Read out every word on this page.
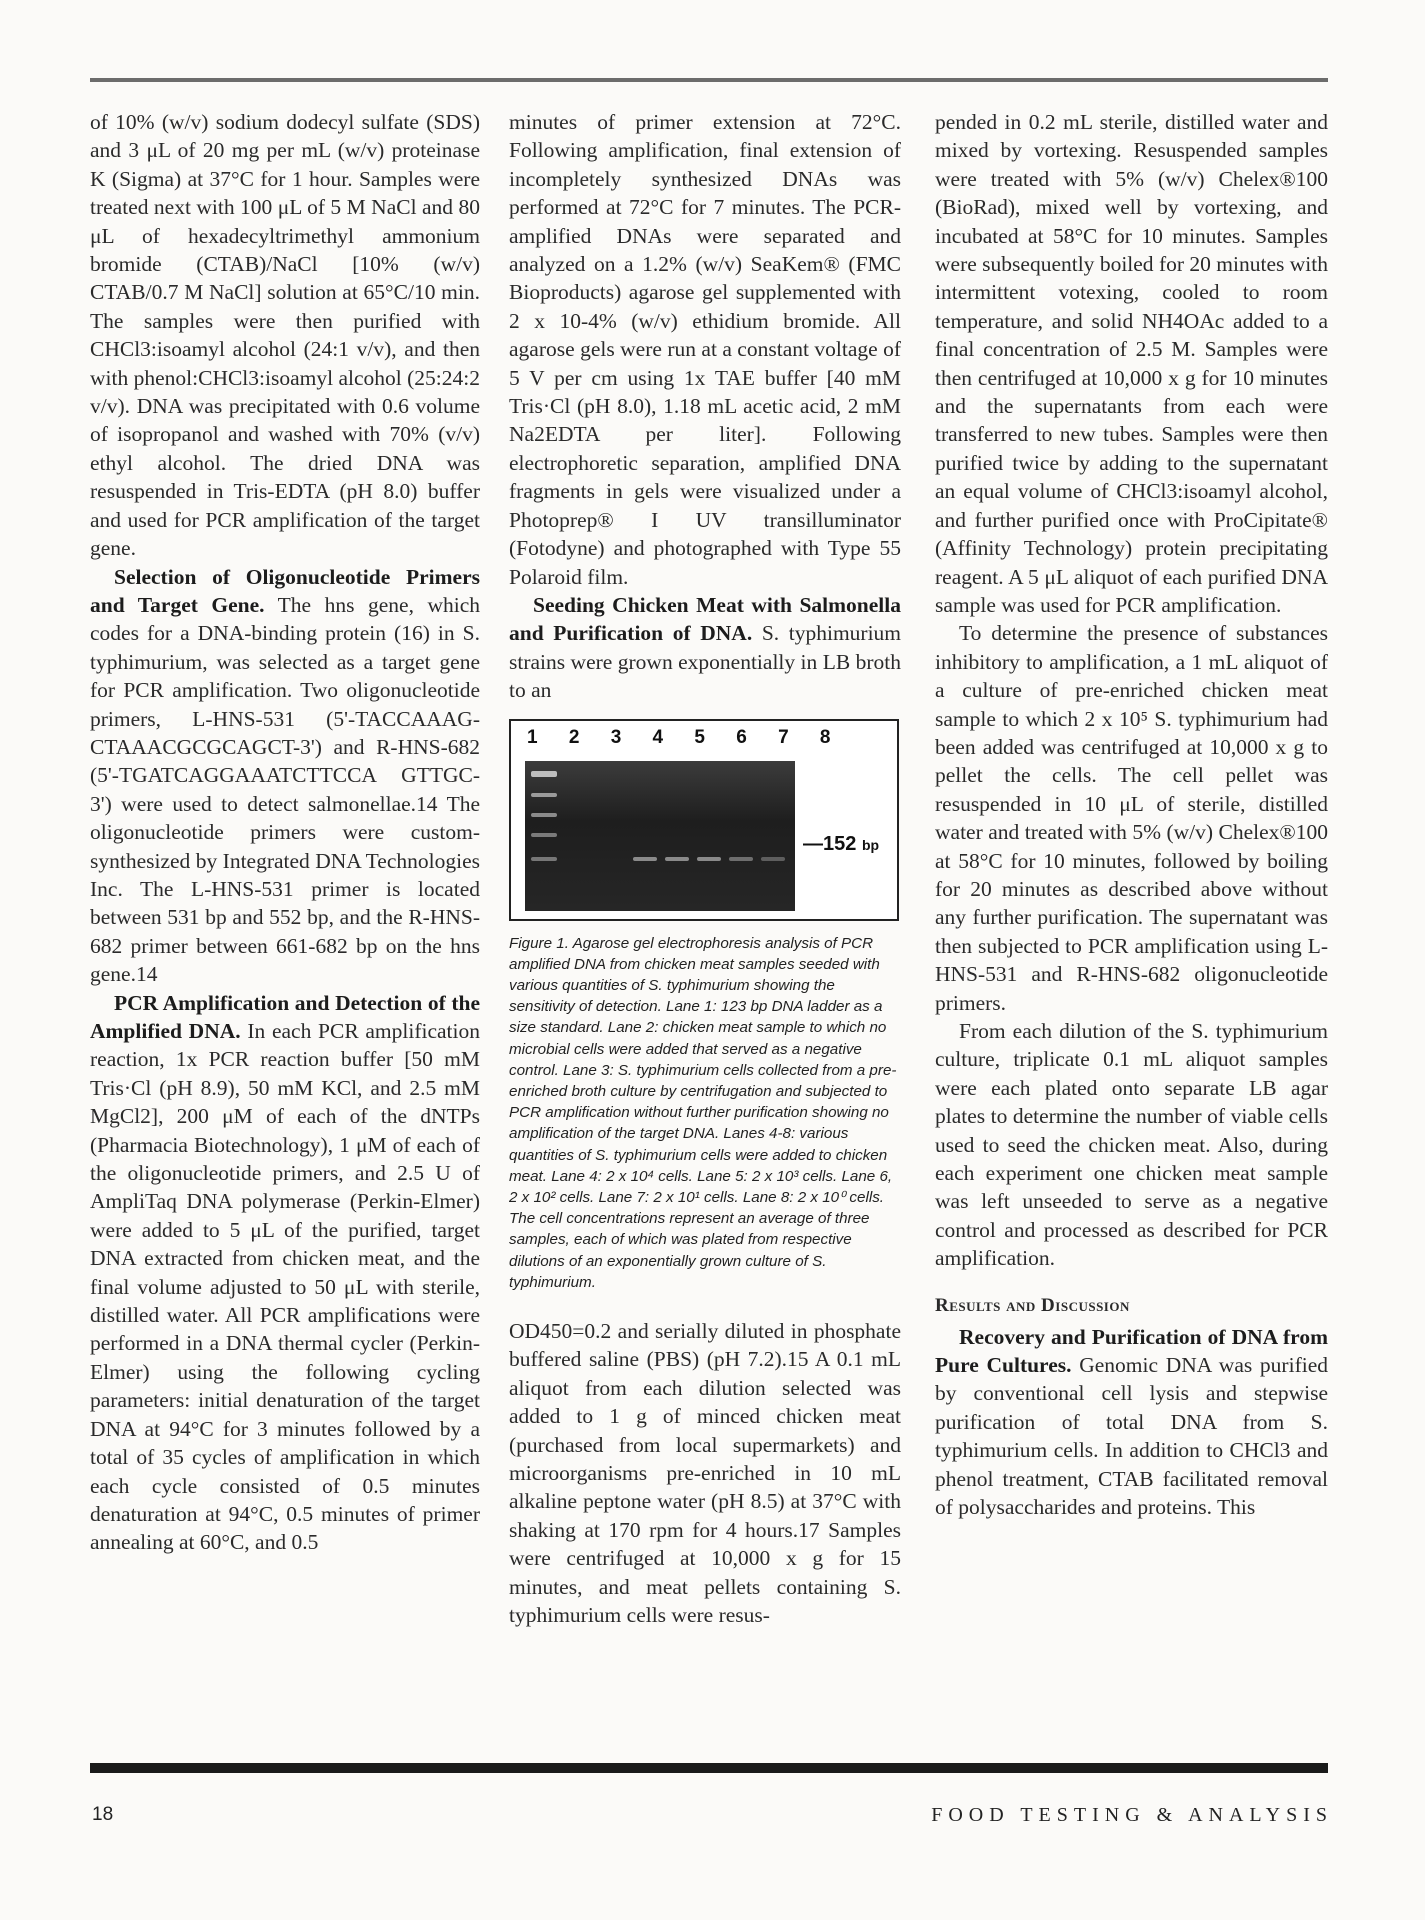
of 10% (w/v) sodium dodecyl sulfate (SDS) and 3 μL of 20 mg per mL (w/v) proteinase K (Sigma) at 37°C for 1 hour. Samples were treated next with 100 μL of 5 M NaCl and 80 μL of hexadecyltrimethyl ammonium bromide (CTAB)/NaCl [10% (w/v) CTAB/0.7 M NaCl] solution at 65°C/10 min. The samples were then purified with CHCl3:isoamyl alcohol (24:1 v/v), and then with phenol:CHCl3:isoamyl alcohol (25:24:2 v/v). DNA was precipitated with 0.6 volume of isopropanol and washed with 70% (v/v) ethyl alcohol. The dried DNA was resuspended in Tris-EDTA (pH 8.0) buffer and used for PCR amplification of the target gene.

Selection of Oligonucleotide Primers and Target Gene. The hns gene, which codes for a DNA-binding protein (16) in S. typhimurium, was selected as a target gene for PCR amplification. Two oligonucleotide primers, L-HNS-531 (5'-TACCAAAG-CTAAACGCGCAGCT-3') and R-HNS-682 (5'-TGATCAGGAAATCTTCCA GTTGC-3') were used to detect salmonellae.14 The oligonucleotide primers were custom-synthesized by Integrated DNA Technologies Inc. The L-HNS-531 primer is located between 531 bp and 552 bp, and the R-HNS-682 primer between 661-682 bp on the hns gene.14

PCR Amplification and Detection of the Amplified DNA. In each PCR amplification reaction, 1x PCR reaction buffer [50 mM Tris·Cl (pH 8.9), 50 mM KCl, and 2.5 mM MgCl2], 200 μM of each of the dNTPs (Pharmacia Biotechnology), 1 μM of each of the oligonucleotide primers, and 2.5 U of AmpliTaq DNA polymerase (Perkin-Elmer) were added to 5 μL of the purified, target DNA extracted from chicken meat, and the final volume adjusted to 50 μL with sterile, distilled water. All PCR amplifications were performed in a DNA thermal cycler (Perkin-Elmer) using the following cycling parameters: initial denaturation of the target DNA at 94°C for 3 minutes followed by a total of 35 cycles of amplification in which each cycle consisted of 0.5 minutes denaturation at 94°C, 0.5 minutes of primer annealing at 60°C, and 0.5

minutes of primer extension at 72°C. Following amplification, final extension of incompletely synthesized DNAs was performed at 72°C for 7 minutes. The PCR-amplified DNAs were separated and analyzed on a 1.2% (w/v) SeaKem® (FMC Bioproducts) agarose gel supplemented with 2 x 10-4% (w/v) ethidium bromide. All agarose gels were run at a constant voltage of 5 V per cm using 1x TAE buffer [40 mM Tris·Cl (pH 8.0), 1.18 mL acetic acid, 2 mM Na2EDTA per liter]. Following electrophoretic separation, amplified DNA fragments in gels were visualized under a Photoprep® I UV transilluminator (Fotodyne) and photographed with Type 55 Polaroid film.

Seeding Chicken Meat with Salmonella and Purification of DNA. S. typhimurium strains were grown exponentially in LB broth to an

1 2 3 4 5 6 7 8
—152 bp
Figure 1. Agarose gel electrophoresis analysis of PCR amplified DNA from chicken meat samples seeded with various quantities of S. typhimurium showing the sensitivity of detection. Lane 1: 123 bp DNA ladder as a size standard. Lane 2: chicken meat sample to which no microbial cells were added that served as a negative control. Lane 3: S. typhimurium cells collected from a pre-enriched broth culture by centrifugation and subjected to PCR amplification without further purification showing no amplification of the target DNA. Lanes 4-8: various quantities of S. typhimurium cells were added to chicken meat. Lane 4: 2 x 10⁴ cells. Lane 5: 2 x 10³ cells. Lane 6, 2 x 10² cells. Lane 7: 2 x 10¹ cells. Lane 8: 2 x 10⁰ cells. The cell concentrations represent an average of three samples, each of which was plated from respective dilutions of an exponentially grown culture of S. typhimurium.

OD450=0.2 and serially diluted in phosphate buffered saline (PBS) (pH 7.2).15 A 0.1 mL aliquot from each dilution selected was added to 1 g of minced chicken meat (purchased from local supermarkets) and microorganisms pre-enriched in 10 mL alkaline peptone water (pH 8.5) at 37°C with shaking at 170 rpm for 4 hours.17 Samples were centrifuged at 10,000 x g for 15 minutes, and meat pellets containing S. typhimurium cells were resus-

pended in 0.2 mL sterile, distilled water and mixed by vortexing. Resuspended samples were treated with 5% (w/v) Chelex®100 (BioRad), mixed well by vortexing, and incubated at 58°C for 10 minutes. Samples were subsequently boiled for 20 minutes with intermittent votexing, cooled to room temperature, and solid NH4OAc added to a final concentration of 2.5 M. Samples were then centrifuged at 10,000 x g for 10 minutes and the supernatants from each were transferred to new tubes. Samples were then purified twice by adding to the supernatant an equal volume of CHCl3:isoamyl alcohol, and further purified once with ProCipitate® (Affinity Technology) protein precipitating reagent. A 5 μL aliquot of each purified DNA sample was used for PCR amplification.

To determine the presence of substances inhibitory to amplification, a 1 mL aliquot of a culture of pre-enriched chicken meat sample to which 2 x 10⁵ S. typhimurium had been added was centrifuged at 10,000 x g to pellet the cells. The cell pellet was resuspended in 10 μL of sterile, distilled water and treated with 5% (w/v) Chelex®100 at 58°C for 10 minutes, followed by boiling for 20 minutes as described above without any further purification. The supernatant was then subjected to PCR amplification using L-HNS-531 and R-HNS-682 oligonucleotide primers.

From each dilution of the S. typhimurium culture, triplicate 0.1 mL aliquot samples were each plated onto separate LB agar plates to determine the number of viable cells used to seed the chicken meat. Also, during each experiment one chicken meat sample was left unseeded to serve as a negative control and processed as described for PCR amplification.

Results and Discussion

Recovery and Purification of DNA from Pure Cultures. Genomic DNA was purified by conventional cell lysis and stepwise purification of total DNA from S. typhimurium cells. In addition to CHCl3 and phenol treatment, CTAB facilitated removal of polysaccharides and proteins. This

18	FOOD TESTING & ANALYSIS
